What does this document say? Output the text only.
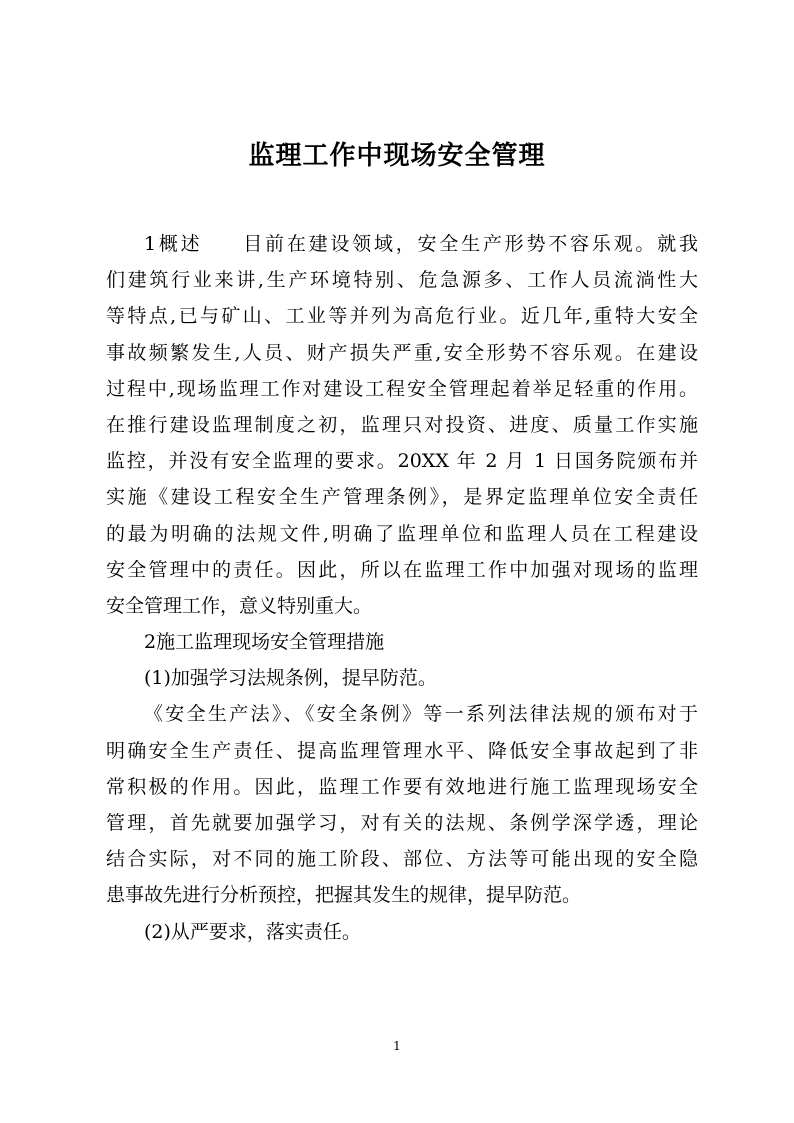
监理工作中现场安全管理
1概述 目前在建设领域，安全生产形势不容乐观。就我
们建筑行业来讲,生产环境特别、危急源多、工作人员流淌性大
等特点,已与矿山、工业等并列为高危行业。近几年,重特大安全
事故频繁发生,人员、财产损失严重,安全形势不容乐观。在建设
过程中,现场监理工作对建设工程安全管理起着举足轻重的作用。
在推行建设监理制度之初，监理只对投资、进度、质量工作实施
监控，并没有安全监理的要求。20XX 年 2 月 1 日国务院颁布并
实施《建设工程安全生产管理条例》，是界定监理单位安全责任
的最为明确的法规文件,明确了监理单位和监理人员在工程建设
安全管理中的责任。因此，所以在监理工作中加强对现场的监理
安全管理工作，意义特别重大。
2施工监理现场安全管理措施
(1)加强学习法规条例，提早防范。
《安全生产法》、《安全条例》等一系列法律法规的颁布对于
明确安全生产责任、提高监理管理水平、降低安全事故起到了非
常积极的作用。因此，监理工作要有效地进行施工监理现场安全
管理，首先就要加强学习，对有关的法规、条例学深学透，理论
结合实际，对不同的施工阶段、部位、方法等可能出现的安全隐
患事故先进行分析预控，把握其发生的规律，提早防范。
(2)从严要求，落实责任。
1
